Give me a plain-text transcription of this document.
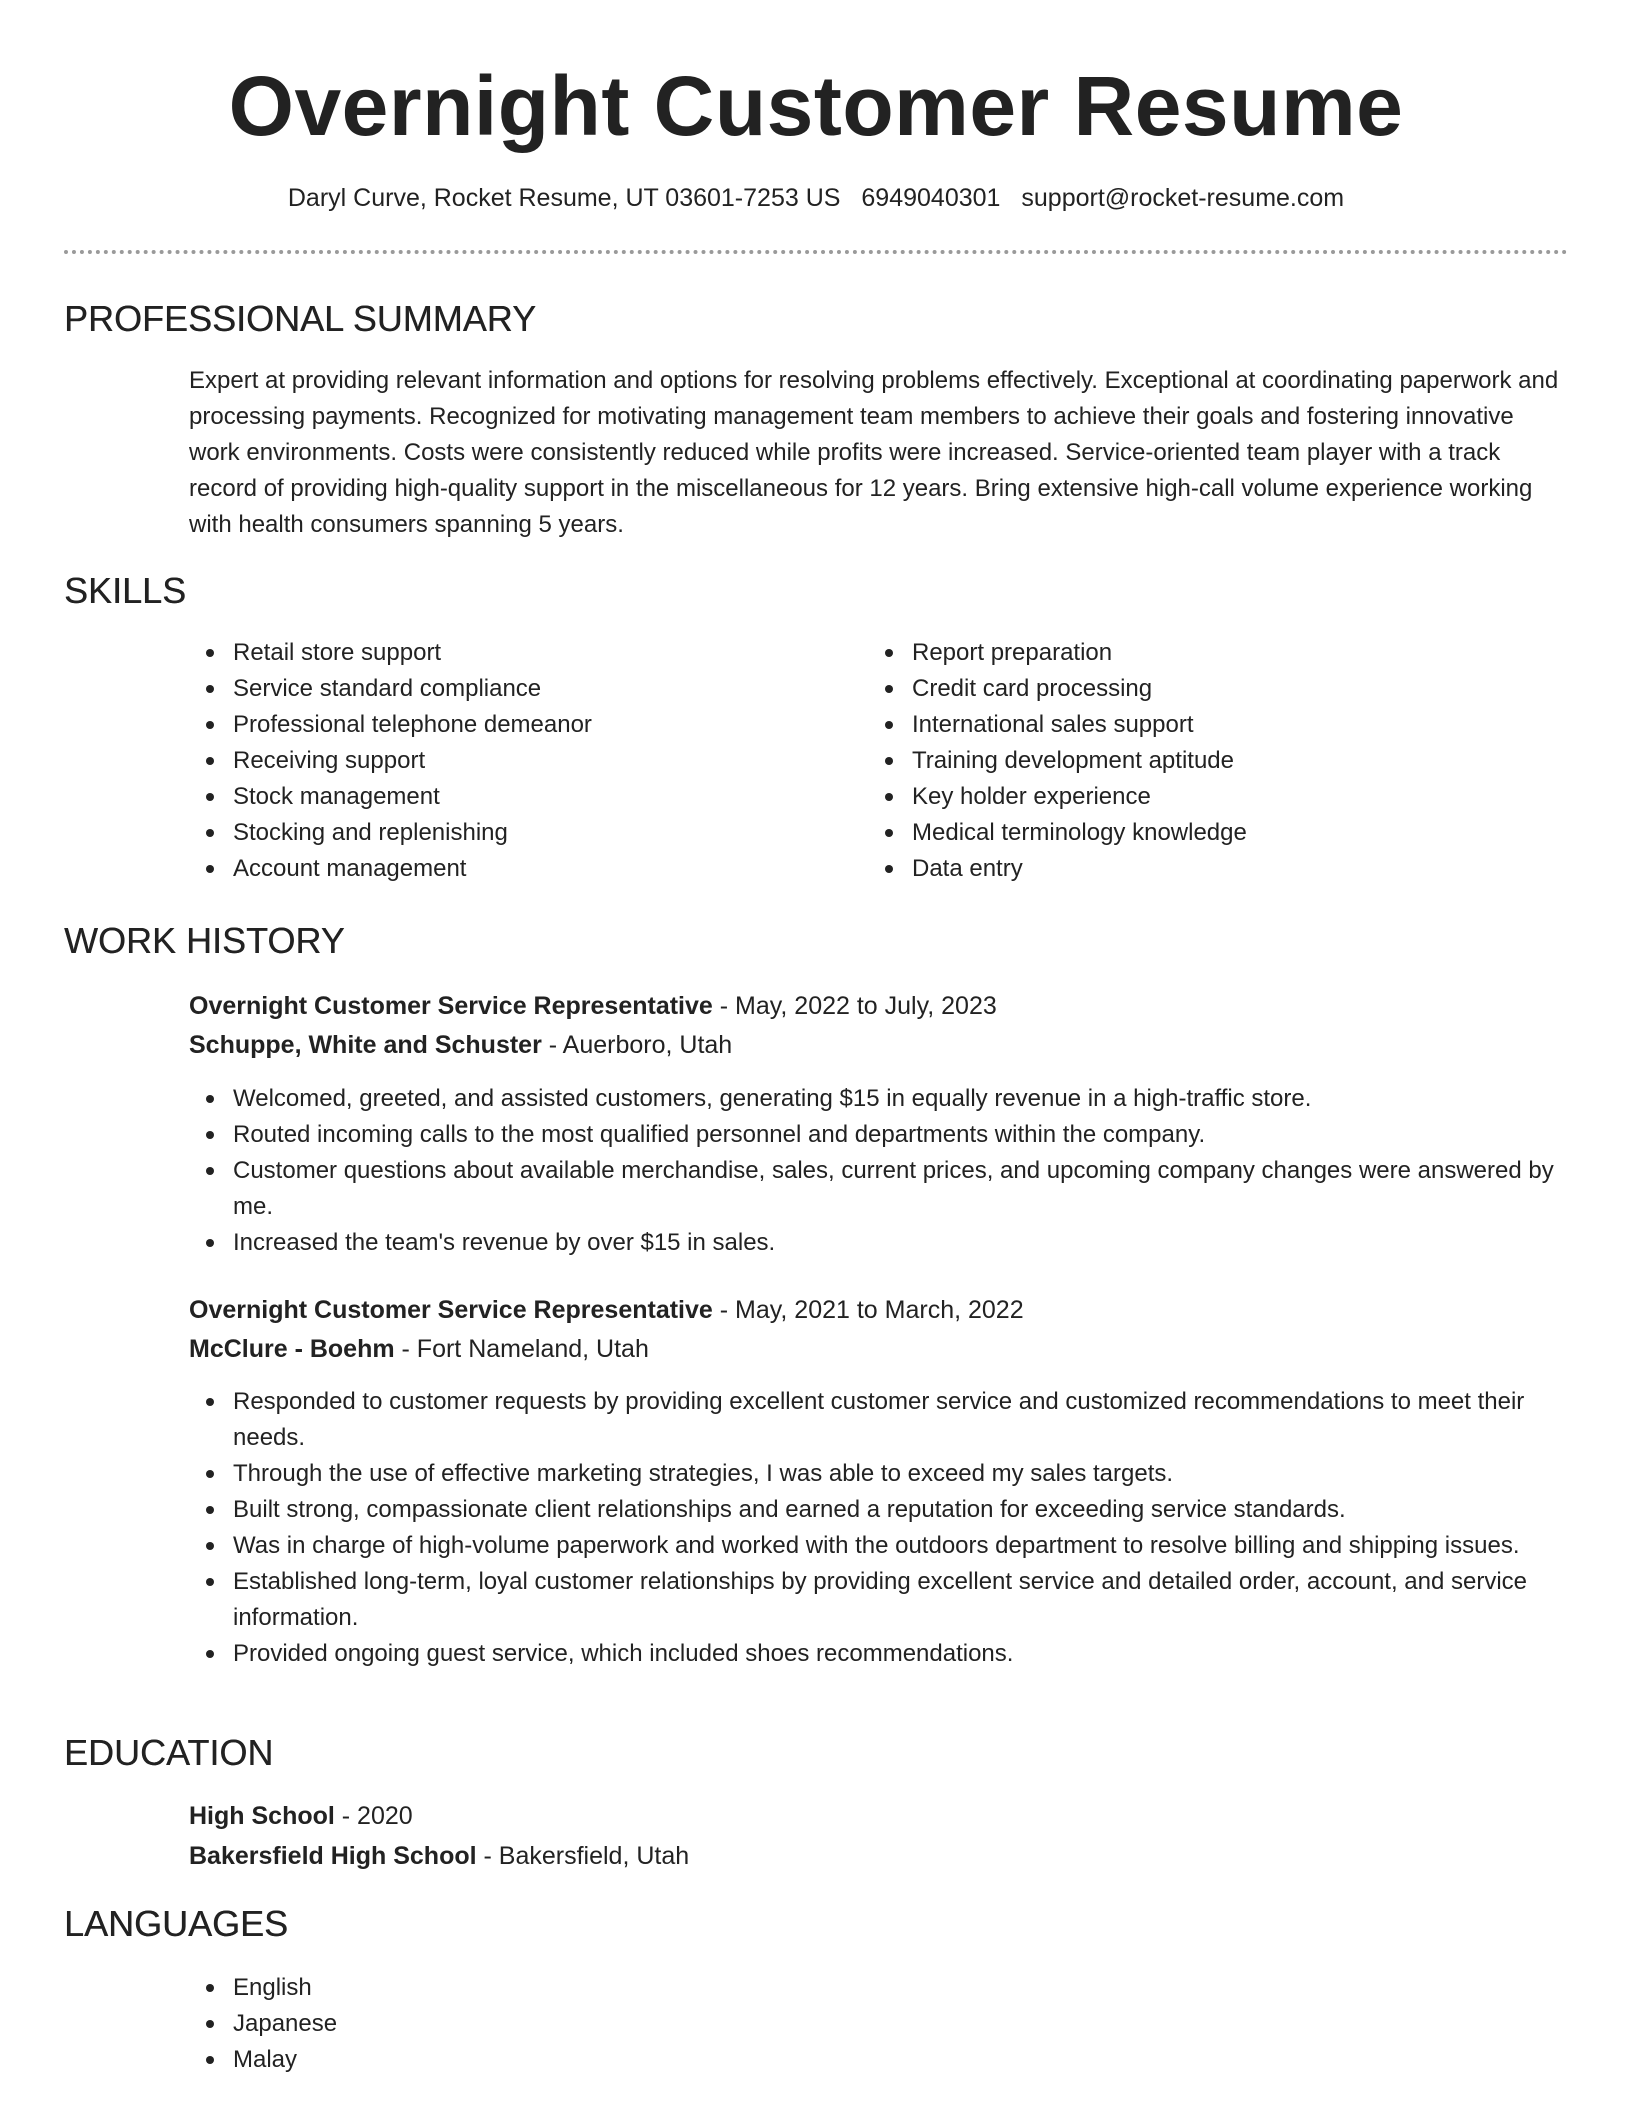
Overnight Customer Resume
Daryl Curve, Rocket Resume, UT 03601-7253 US 6949040301 support@rocket-resume.com
PROFESSIONAL SUMMARY
Expert at providing relevant information and options for resolving problems effectively. Exceptional at coordinating paperwork and processing payments. Recognized for motivating management team members to achieve their goals and fostering innovative work environments. Costs were consistently reduced while profits were increased. Service-oriented team player with a track record of providing high-quality support in the miscellaneous for 12 years. Bring extensive high-call volume experience working with health consumers spanning 5 years.
SKILLS
Retail store support
Service standard compliance
Professional telephone demeanor
Receiving support
Stock management
Stocking and replenishing
Account management
Report preparation
Credit card processing
International sales support
Training development aptitude
Key holder experience
Medical terminology knowledge
Data entry
WORK HISTORY
Overnight Customer Service Representative - May, 2022 to July, 2023
Schuppe, White and Schuster - Auerboro, Utah
Welcomed, greeted, and assisted customers, generating $15 in equally revenue in a high-traffic store.
Routed incoming calls to the most qualified personnel and departments within the company.
Customer questions about available merchandise, sales, current prices, and upcoming company changes were answered by me.
Increased the team's revenue by over $15 in sales.
Overnight Customer Service Representative - May, 2021 to March, 2022
McClure - Boehm - Fort Nameland, Utah
Responded to customer requests by providing excellent customer service and customized recommendations to meet their needs.
Through the use of effective marketing strategies, I was able to exceed my sales targets.
Built strong, compassionate client relationships and earned a reputation for exceeding service standards.
Was in charge of high-volume paperwork and worked with the outdoors department to resolve billing and shipping issues.
Established long-term, loyal customer relationships by providing excellent service and detailed order, account, and service information.
Provided ongoing guest service, which included shoes recommendations.
EDUCATION
High School - 2020
Bakersfield High School - Bakersfield, Utah
LANGUAGES
English
Japanese
Malay
